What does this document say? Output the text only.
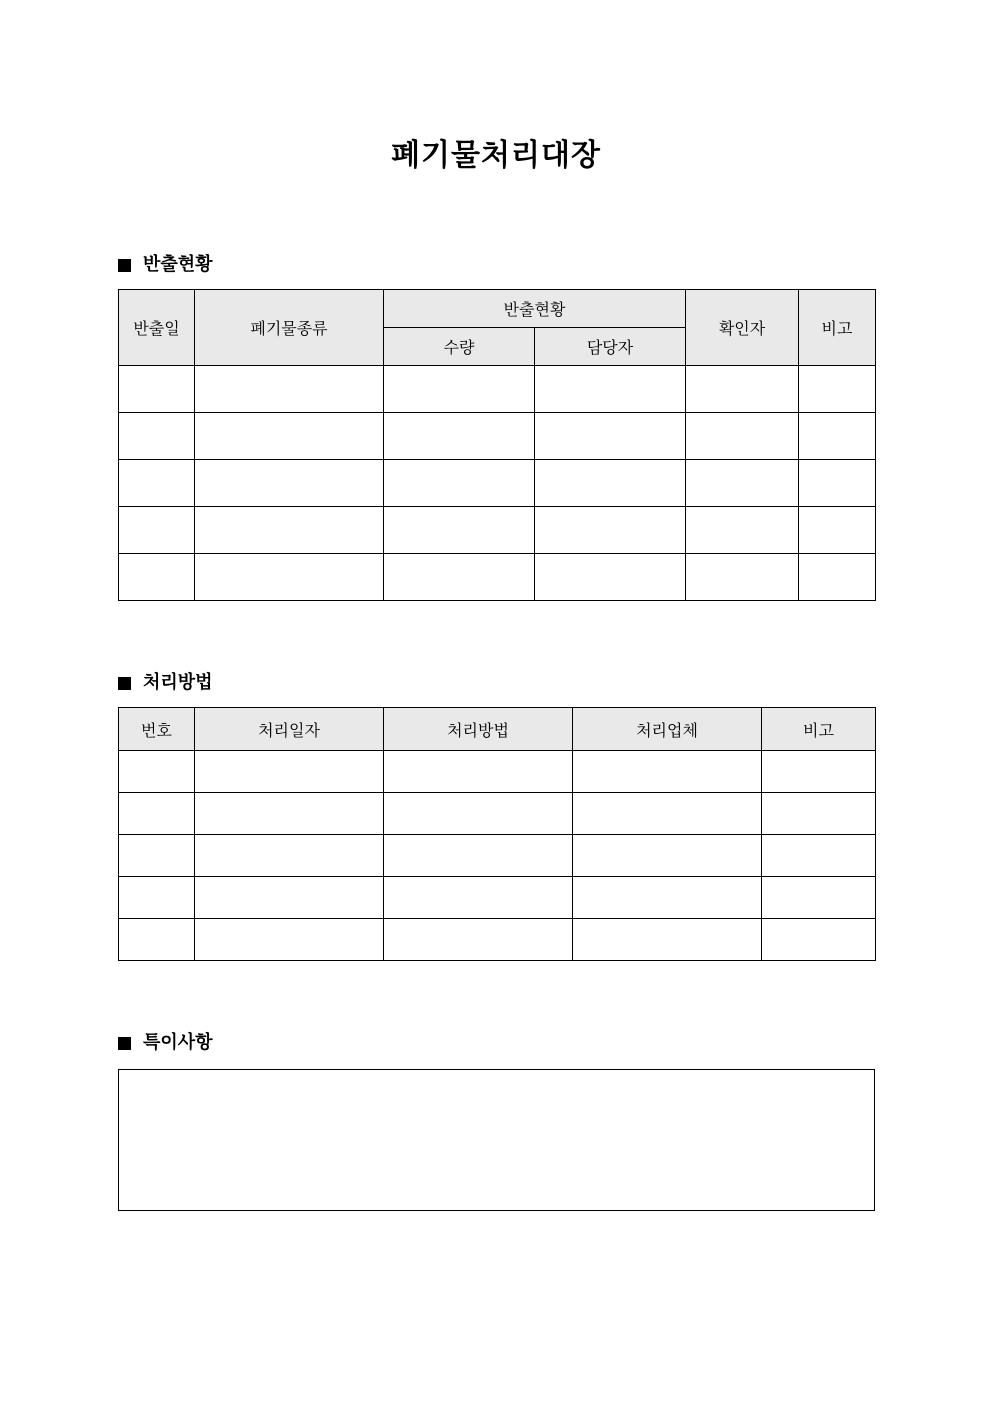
폐기물처리대장
반출현황
반출일	폐기물종류	반출현황		확인자	비고
		수량	담당자		

처리방법
번호	처리일자	처리방법	처리업체	비고

특이사항
